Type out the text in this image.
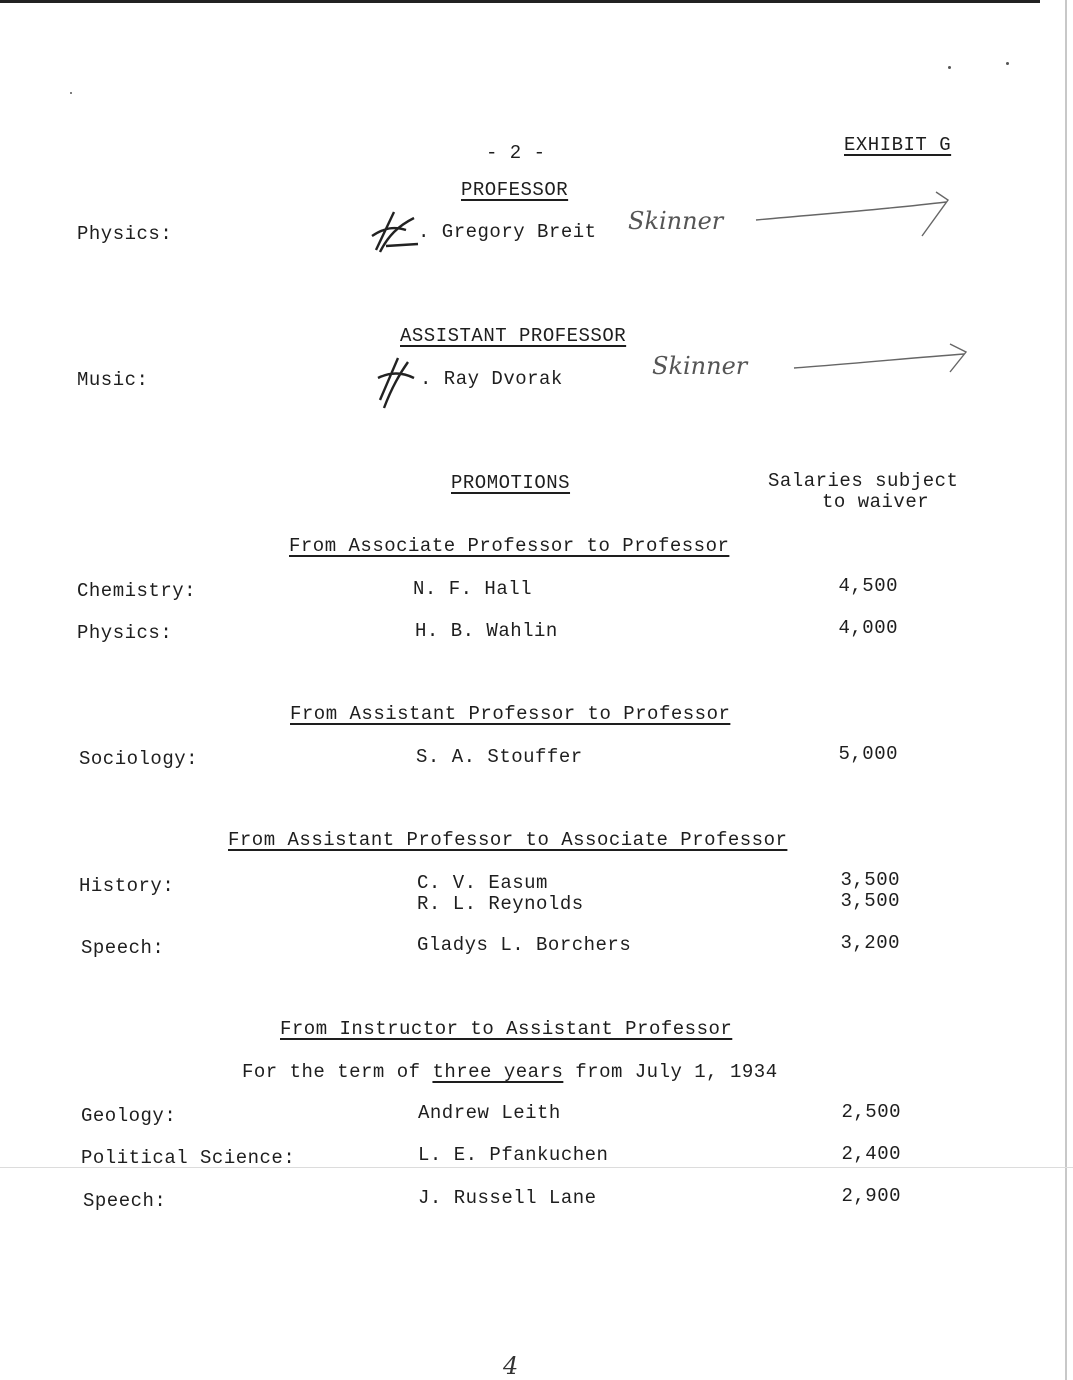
- 2 -	EXHIBIT G
PROFESSOR
Physics:	. Gregory Breit Skinner
ASSISTANT PROFESSOR
Music:	. Ray Dvorak	Skinner
PROMOTIONS	Salaries subject
to waiver
From Associate Professor to Professor
Chemistry:	N. F. Hall	4,500
Physics:	H. B. Wahlin	4,000
From Assistant Professor to Professor
Sociology:	S. A. Stouffer	5,000
From Assistant Professor to Associate Professor
History:	C. V. Easum	3,500
R. L. Reynolds	3,500
Speech:	Gladys L. Borchers	3,200
From Instructor to Assistant Professor
For the term of three years from July 1, 1934
Geology:	Andrew Leith	2,500
Political Science:	L. E. Pfankuchen	2,400
Speech:	J. Russell Lane	2,900
4
